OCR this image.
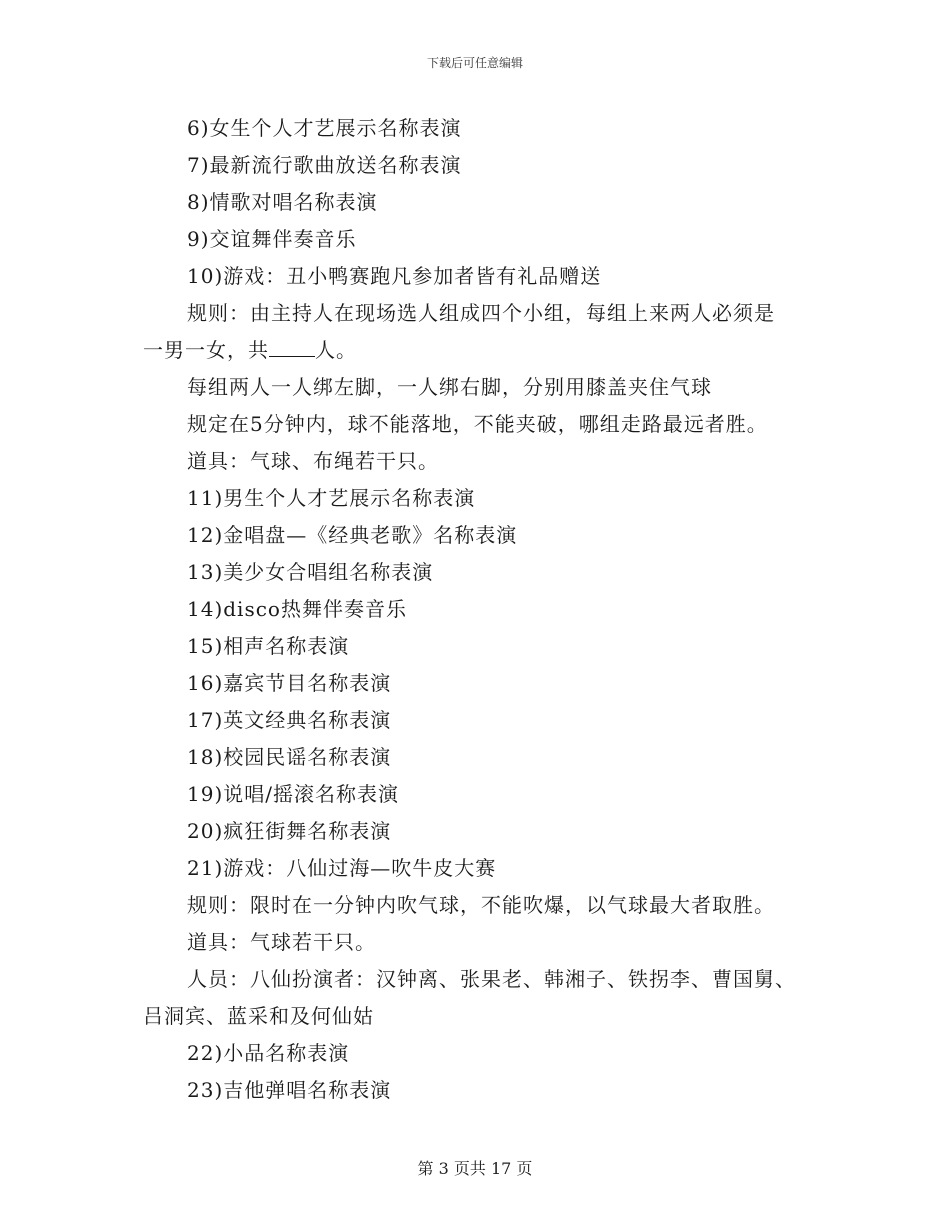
下载后可任意编辑
6)女生个人才艺展示名称表演
7)最新流行歌曲放送名称表演
8)情歌对唱名称表演
9)交谊舞伴奏音乐
10)游戏：丑小鸭赛跑凡参加者皆有礼品赠送
规则：由主持人在现场选人组成四个小组，每组上来两人必须是
一男一女，共 人。
每组两人一人绑左脚，一人绑右脚，分别用膝盖夹住气球
规定在5分钟内，球不能落地，不能夹破，哪组走路最远者胜。
道具：气球、布绳若干只。
11)男生个人才艺展示名称表演
12)金唱盘—《经典老歌》名称表演
13)美少女合唱组名称表演
14)disco热舞伴奏音乐
15)相声名称表演
16)嘉宾节目名称表演
17)英文经典名称表演
18)校园民谣名称表演
19)说唱/摇滚名称表演
20)疯狂街舞名称表演
21)游戏：八仙过海—吹牛皮大赛
规则：限时在一分钟内吹气球，不能吹爆，以气球最大者取胜。
道具：气球若干只。
人员：八仙扮演者：汉钟离、张果老、韩湘子、铁拐李、曹国舅、
吕洞宾、蓝采和及何仙姑
22)小品名称表演
23)吉他弹唱名称表演
第 3 页共 17 页
